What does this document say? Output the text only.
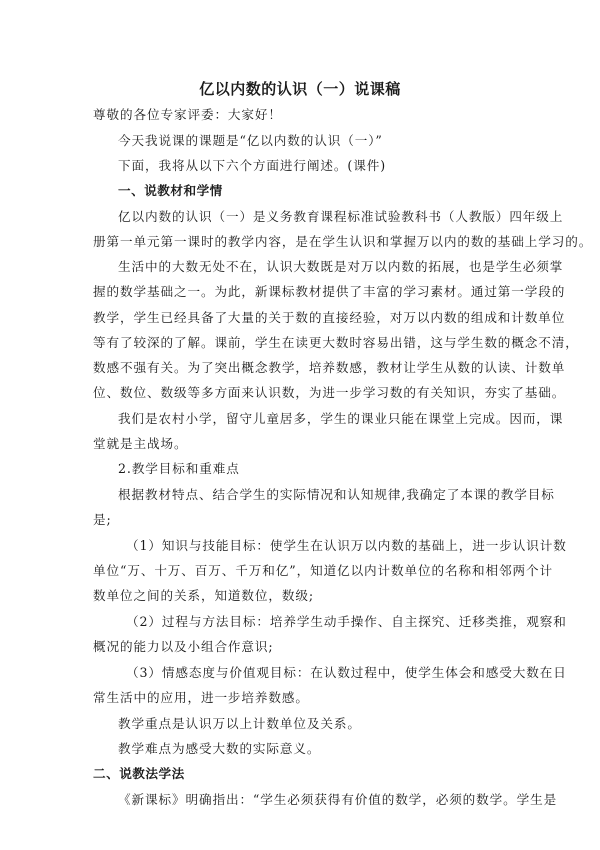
亿以内数的认识（一）说课稿
尊敬的各位专家评委：大家好！
今天我说课的课题是“亿以内数的认识（一）”
下面，我将从以下六个方面进行阐述。(课件)
一、说教材和学情
亿以内数的认识（一）是义务教育课程标准试验教科书（人教版）四年级上
册第一单元第一课时的教学内容，是在学生认识和掌握万以内的数的基础上学习的。
生活中的大数无处不在，认识大数既是对万以内数的拓展，也是学生必须掌
握的数学基础之一。为此，新课标教材提供了丰富的学习素材。通过第一学段的
教学，学生已经具备了大量的关于数的直接经验，对万以内数的组成和计数单位
等有了较深的了解。课前，学生在读更大数时容易出错，这与学生数的概念不清，
数感不强有关。为了突出概念教学，培养数感，教材让学生从数的认读、计数单
位、数位、数级等多方面来认识数，为进一步学习数的有关知识，夯实了基础。
我们是农村小学，留守儿童居多，学生的课业只能在课堂上完成。因而，课
堂就是主战场。
2.教学目标和重难点
根据教材特点、结合学生的实际情况和认知规律,我确定了本课的教学目标
是;
（1）知识与技能目标：使学生在认识万以内数的基础上，进一步认识计数
单位“万、十万、百万、千万和亿”，知道亿以内计数单位的名称和相邻两个计
数单位之间的关系，知道数位，数级;
（2）过程与方法目标：培养学生动手操作、自主探究、迁移类推，观察和
概况的能力以及小组合作意识;
（3）情感态度与价值观目标：在认数过程中，使学生体会和感受大数在日
常生活中的应用，进一步培养数感。
教学重点是认识万以上计数单位及关系。
教学难点为感受大数的实际意义。
二、说教法学法
《新课标》明确指出：“学生必须获得有价值的数学，必须的数学。学生是
